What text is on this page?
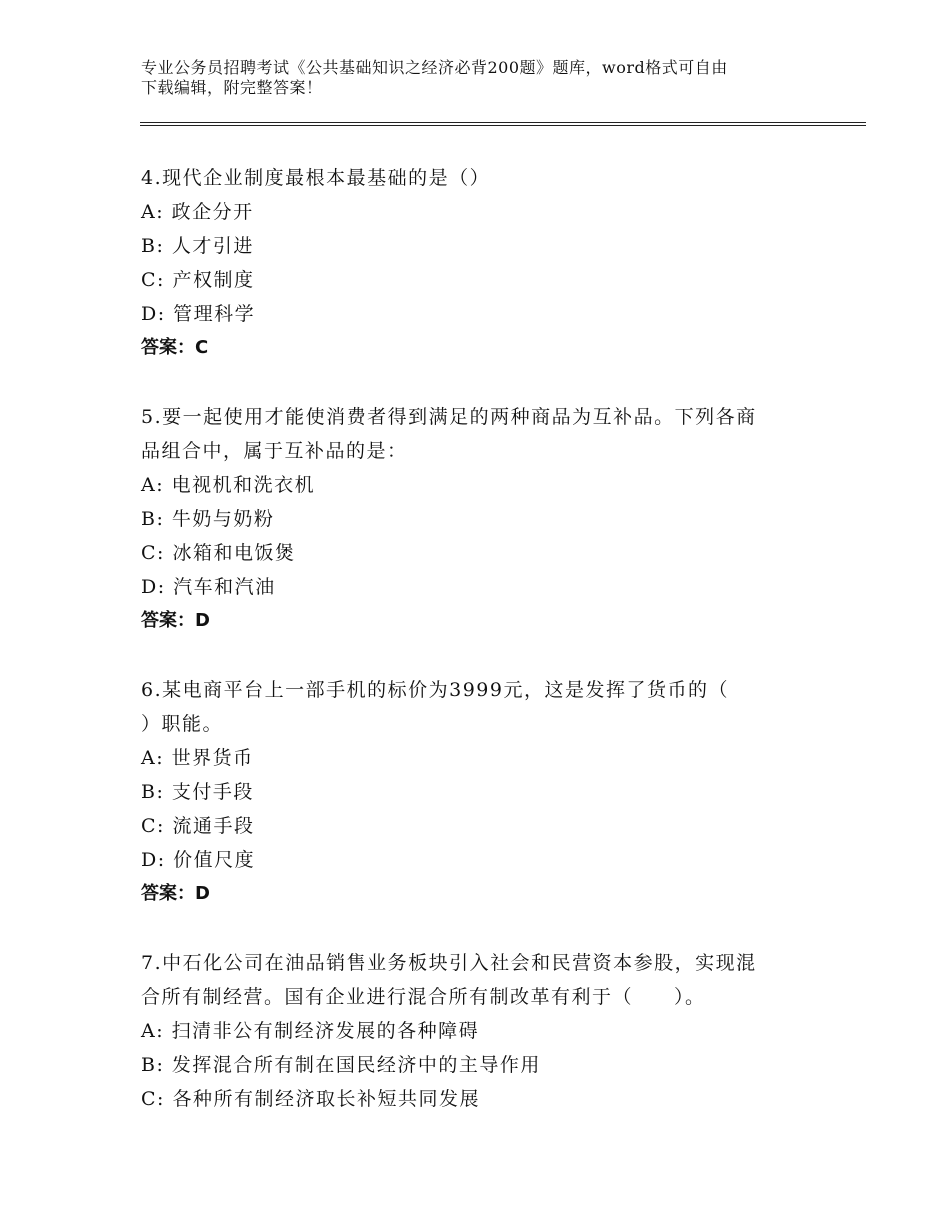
专业公务员招聘考试《公共基础知识之经济必背200题》题库，word格式可自由
下载编辑，附完整答案！

4.现代企业制度最根本最基础的是（）

A: 政企分开

B: 人才引进

C: 产权制度

D: 管理科学

答案：C

5.要一起使用才能使消费者得到满足的两种商品为互补品。下列各商

品组合中，属于互补品的是：

A: 电视机和洗衣机

B: 牛奶与奶粉

C: 冰箱和电饭煲

D: 汽车和汽油

答案：D

6.某电商平台上一部手机的标价为3999元，这是发挥了货币的（

）职能。

A: 世界货币

B: 支付手段

C: 流通手段

D: 价值尺度

答案：D

7.中石化公司在油品销售业务板块引入社会和民营资本参股，实现混

合所有制经营。国有企业进行混合所有制改革有利于（　　）。

A: 扫清非公有制经济发展的各种障碍

B: 发挥混合所有制在国民经济中的主导作用

C: 各种所有制经济取长补短共同发展
